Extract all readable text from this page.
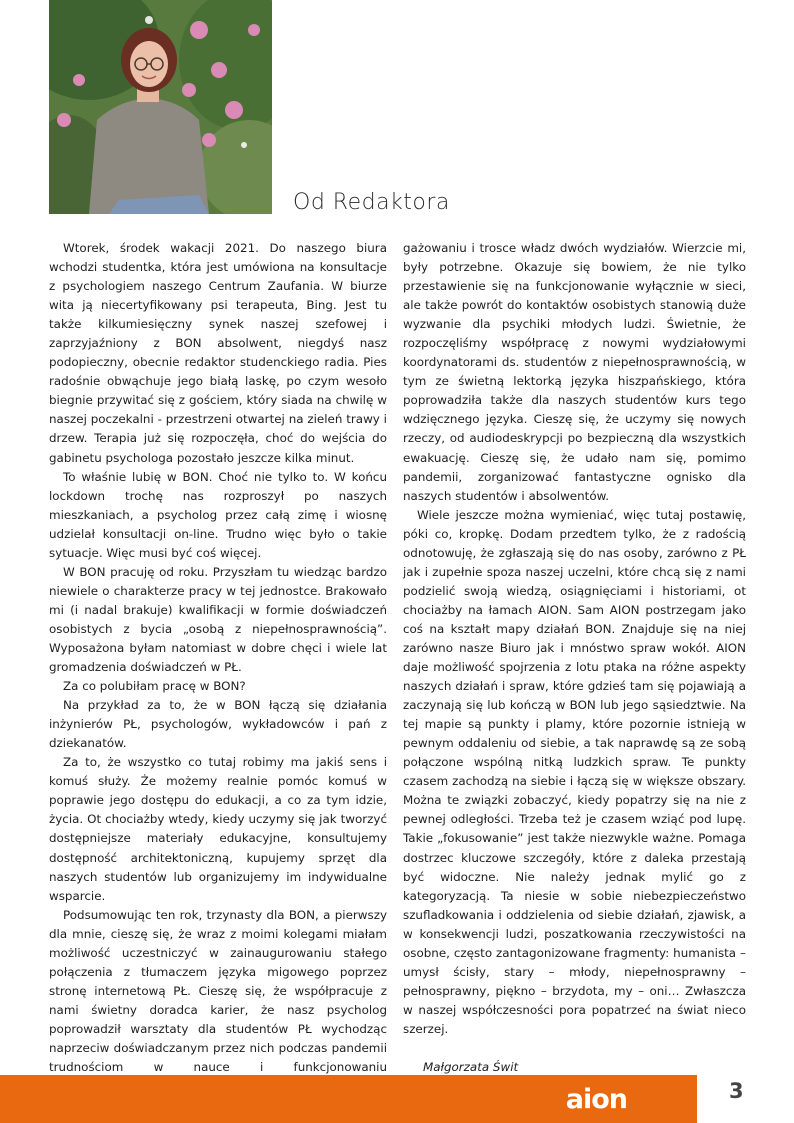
Od Redaktora

Wtorek, środek wakacji 2021. Do naszego biura wchodzi studentka, która jest umówiona na konsultacje z psychologiem naszego Centrum Zaufania. W biurze wita ją niecertyfikowany psi terapeuta, Bing. Jest tu także kilkumiesięczny synek naszej szefowej i zaprzyjaźniony z BON absolwent, niegdyś nasz podopieczny, obecnie redaktor studenckiego radia. Pies radośnie obwąchuje jego białą laskę, po czym wesoło biegnie przywitać się z gościem, który siada na chwilę w naszej poczekalni - przestrzeni otwartej na zieleń trawy i drzew. Terapia już się rozpoczęła, choć do wejścia do gabinetu psychologa pozostało jeszcze kilka minut.

To właśnie lubię w BON. Choć nie tylko to. W końcu lockdown trochę nas rozproszył po naszych mieszkaniach, a psycholog przez całą zimę i wiosnę udzielał konsultacji on-line. Trudno więc było o takie sytuacje. Więc musi być coś więcej.

W BON pracuję od roku. Przyszłam tu wiedząc bardzo niewiele o charakterze pracy w tej jednostce. Brakowało mi (i nadal brakuje) kwalifikacji w formie doświadczeń osobistych z bycia „osobą z niepełnosprawnością”. Wyposażona byłam natomiast w dobre chęci i wiele lat gromadzenia doświadczeń w PŁ.

Za co polubiłam pracę w BON?

Na przykład za to, że w BON łączą się działania inżynierów PŁ, psychologów, wykładowców i pań z dziekanatów.

Za to, że wszystko co tutaj robimy ma jakiś sens i komuś służy. Że możemy realnie pomóc komuś w poprawie jego dostępu do edukacji, a co za tym idzie, życia. Ot chociażby wtedy, kiedy uczymy się jak tworzyć dostępniejsze materiały edukacyjne, konsultujemy dostępność architektoniczną, kupujemy sprzęt dla naszych studentów lub organizujemy im indywidualne wsparcie.

Podsumowując ten rok, trzynasty dla BON, a pierwszy dla mnie, cieszę się, że wraz z moimi kolegami miałam możliwość uczestniczyć w zainaugurowaniu stałego połączenia z tłumaczem języka migowego poprzez stronę internetową PŁ. Cieszę się, że współpracuje z nami świetny doradca karier, że nasz psycholog poprowadził warsztaty dla studentów PŁ wychodząc naprzeciw doświadczanym przez nich podczas pandemii trudnościom w nauce i funkcjonowaniu

gażowaniu i trosce władz dwóch wydziałów. Wierzcie mi, były potrzebne. Okazuje się bowiem, że nie tylko przestawienie się na funkcjonowanie wyłącznie w sieci, ale także powrót do kontaktów osobistych stanowią duże wyzwanie dla psychiki młodych ludzi. Świetnie, że rozpoczęliśmy współpracę z nowymi wydziałowymi koordynatorami ds. studentów z niepełnosprawnością, w tym ze świetną lektorką języka hiszpańskiego, która poprowadziła także dla naszych studentów kurs tego wdzięcznego języka. Cieszę się, że uczymy się nowych rzeczy, od audiodeskrypcji po bezpieczną dla wszystkich ewakuację. Cieszę się, że udało nam się, pomimo pandemii, zorganizować fantastyczne ognisko dla naszych studentów i absolwentów.

Wiele jeszcze można wymieniać, więc tutaj postawię, póki co, kropkę. Dodam przedtem tylko, że z radością odnotowuję, że zgłaszają się do nas osoby, zarówno z PŁ jak i zupełnie spoza naszej uczelni, które chcą się z nami podzielić swoją wiedzą, osiągnięciami i historiami, ot chociażby na łamach AION. Sam AION postrzegam jako coś na kształt mapy działań BON. Znajduje się na niej zarówno nasze Biuro jak i mnóstwo spraw wokół. AION daje możliwość spojrzenia z lotu ptaka na różne aspekty naszych działań i spraw, które gdzieś tam się pojawiają a zaczynają się lub kończą w BON lub jego sąsiedztwie. Na tej mapie są punkty i plamy, które pozornie istnieją w pewnym oddaleniu od siebie, a tak naprawdę są ze sobą połączone wspólną nitką ludzkich spraw. Te punkty czasem zachodzą na siebie i łączą się w większe obszary. Można te związki zobaczyć, kiedy popatrzy się na nie z pewnej odległości. Trzeba też je czasem wziąć pod lupę. Takie „fokusowanie” jest także niezwykle ważne. Pomaga dostrzec kluczowe szczegóły, które z daleka przestają być widoczne. Nie należy jednak mylić go z kategoryzacją. Ta niesie w sobie niebezpieczeństwo szufladkowania i oddzielenia od siebie działań, zjawisk, a w konsekwencji ludzi, poszatkowania rzeczywistości na osobne, często zantagonizowane fragmenty: humanista – umysł ścisły, stary – młody, niepełnosprawny – pełnosprawny, piękno – brzydota, my – oni… Zwłaszcza w naszej współczesności pora popatrzeć na świat nieco szerzej.

Małgorzata Świt

aion	3
